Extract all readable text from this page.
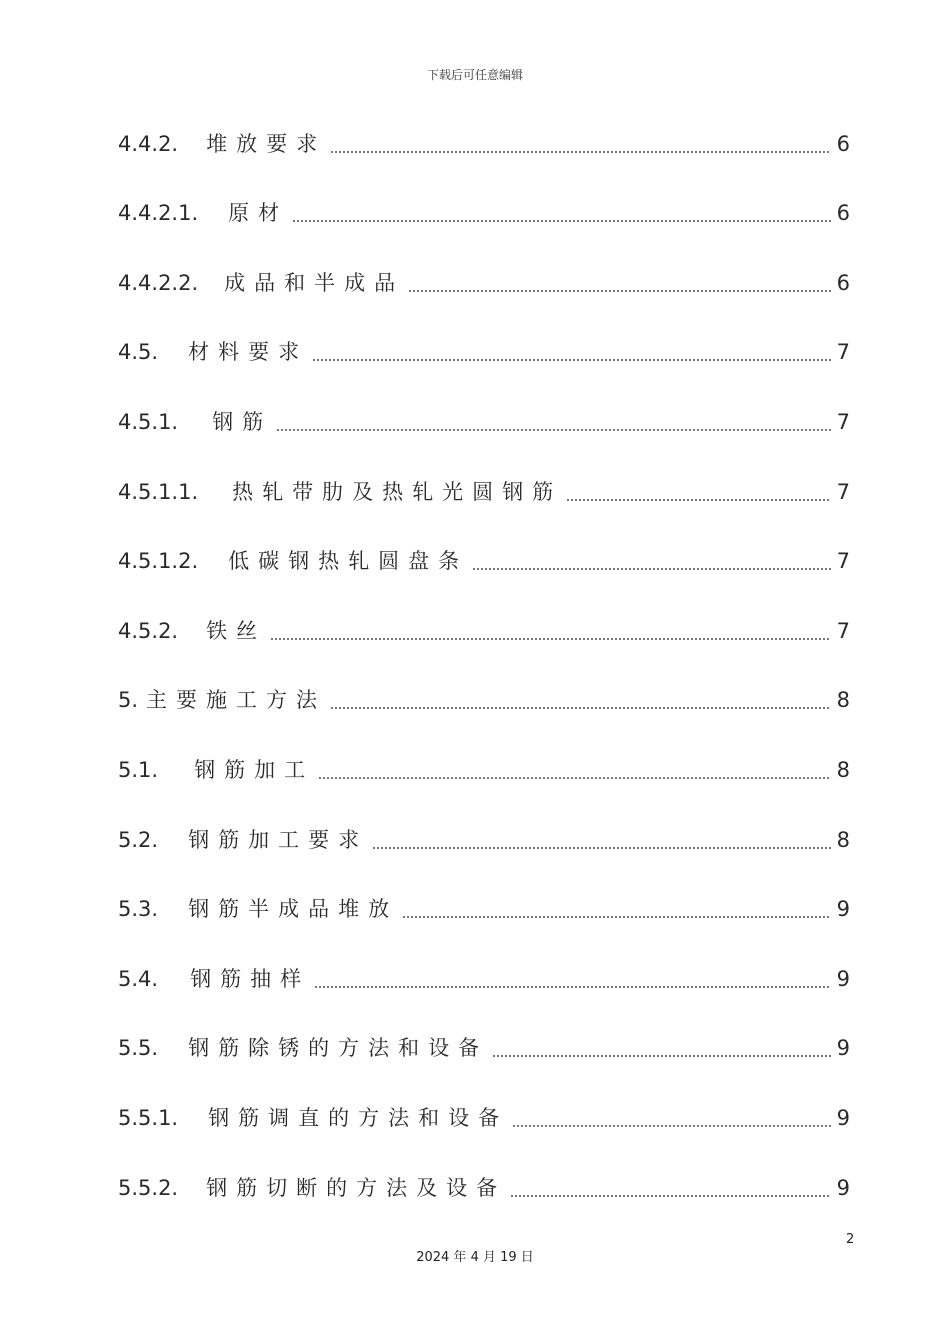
下载后可任意编辑
4.4.2. 堆放要求	6
4.4.2.1. 原材	6
4.4.2.2. 成品和半成品	6
4.5. 材料要求	7
4.5.1. 钢筋	7
4.5.1.1. 热轧带肋及热轧光圆钢筋	7
4.5.1.2. 低碳钢热轧圆盘条	7
4.5.2. 铁丝	7
5. 主要施工方法	8
5.1. 钢筋加工	8
5.2. 钢筋加工要求	8
5.3. 钢筋半成品堆放	9
5.4. 钢筋抽样	9
5.5. 钢筋除锈的方法和设备	9
5.5.1. 钢筋调直的方法和设备	9
5.5.2. 钢筋切断的方法及设备	9
2
2024 年 4 月 19 日
